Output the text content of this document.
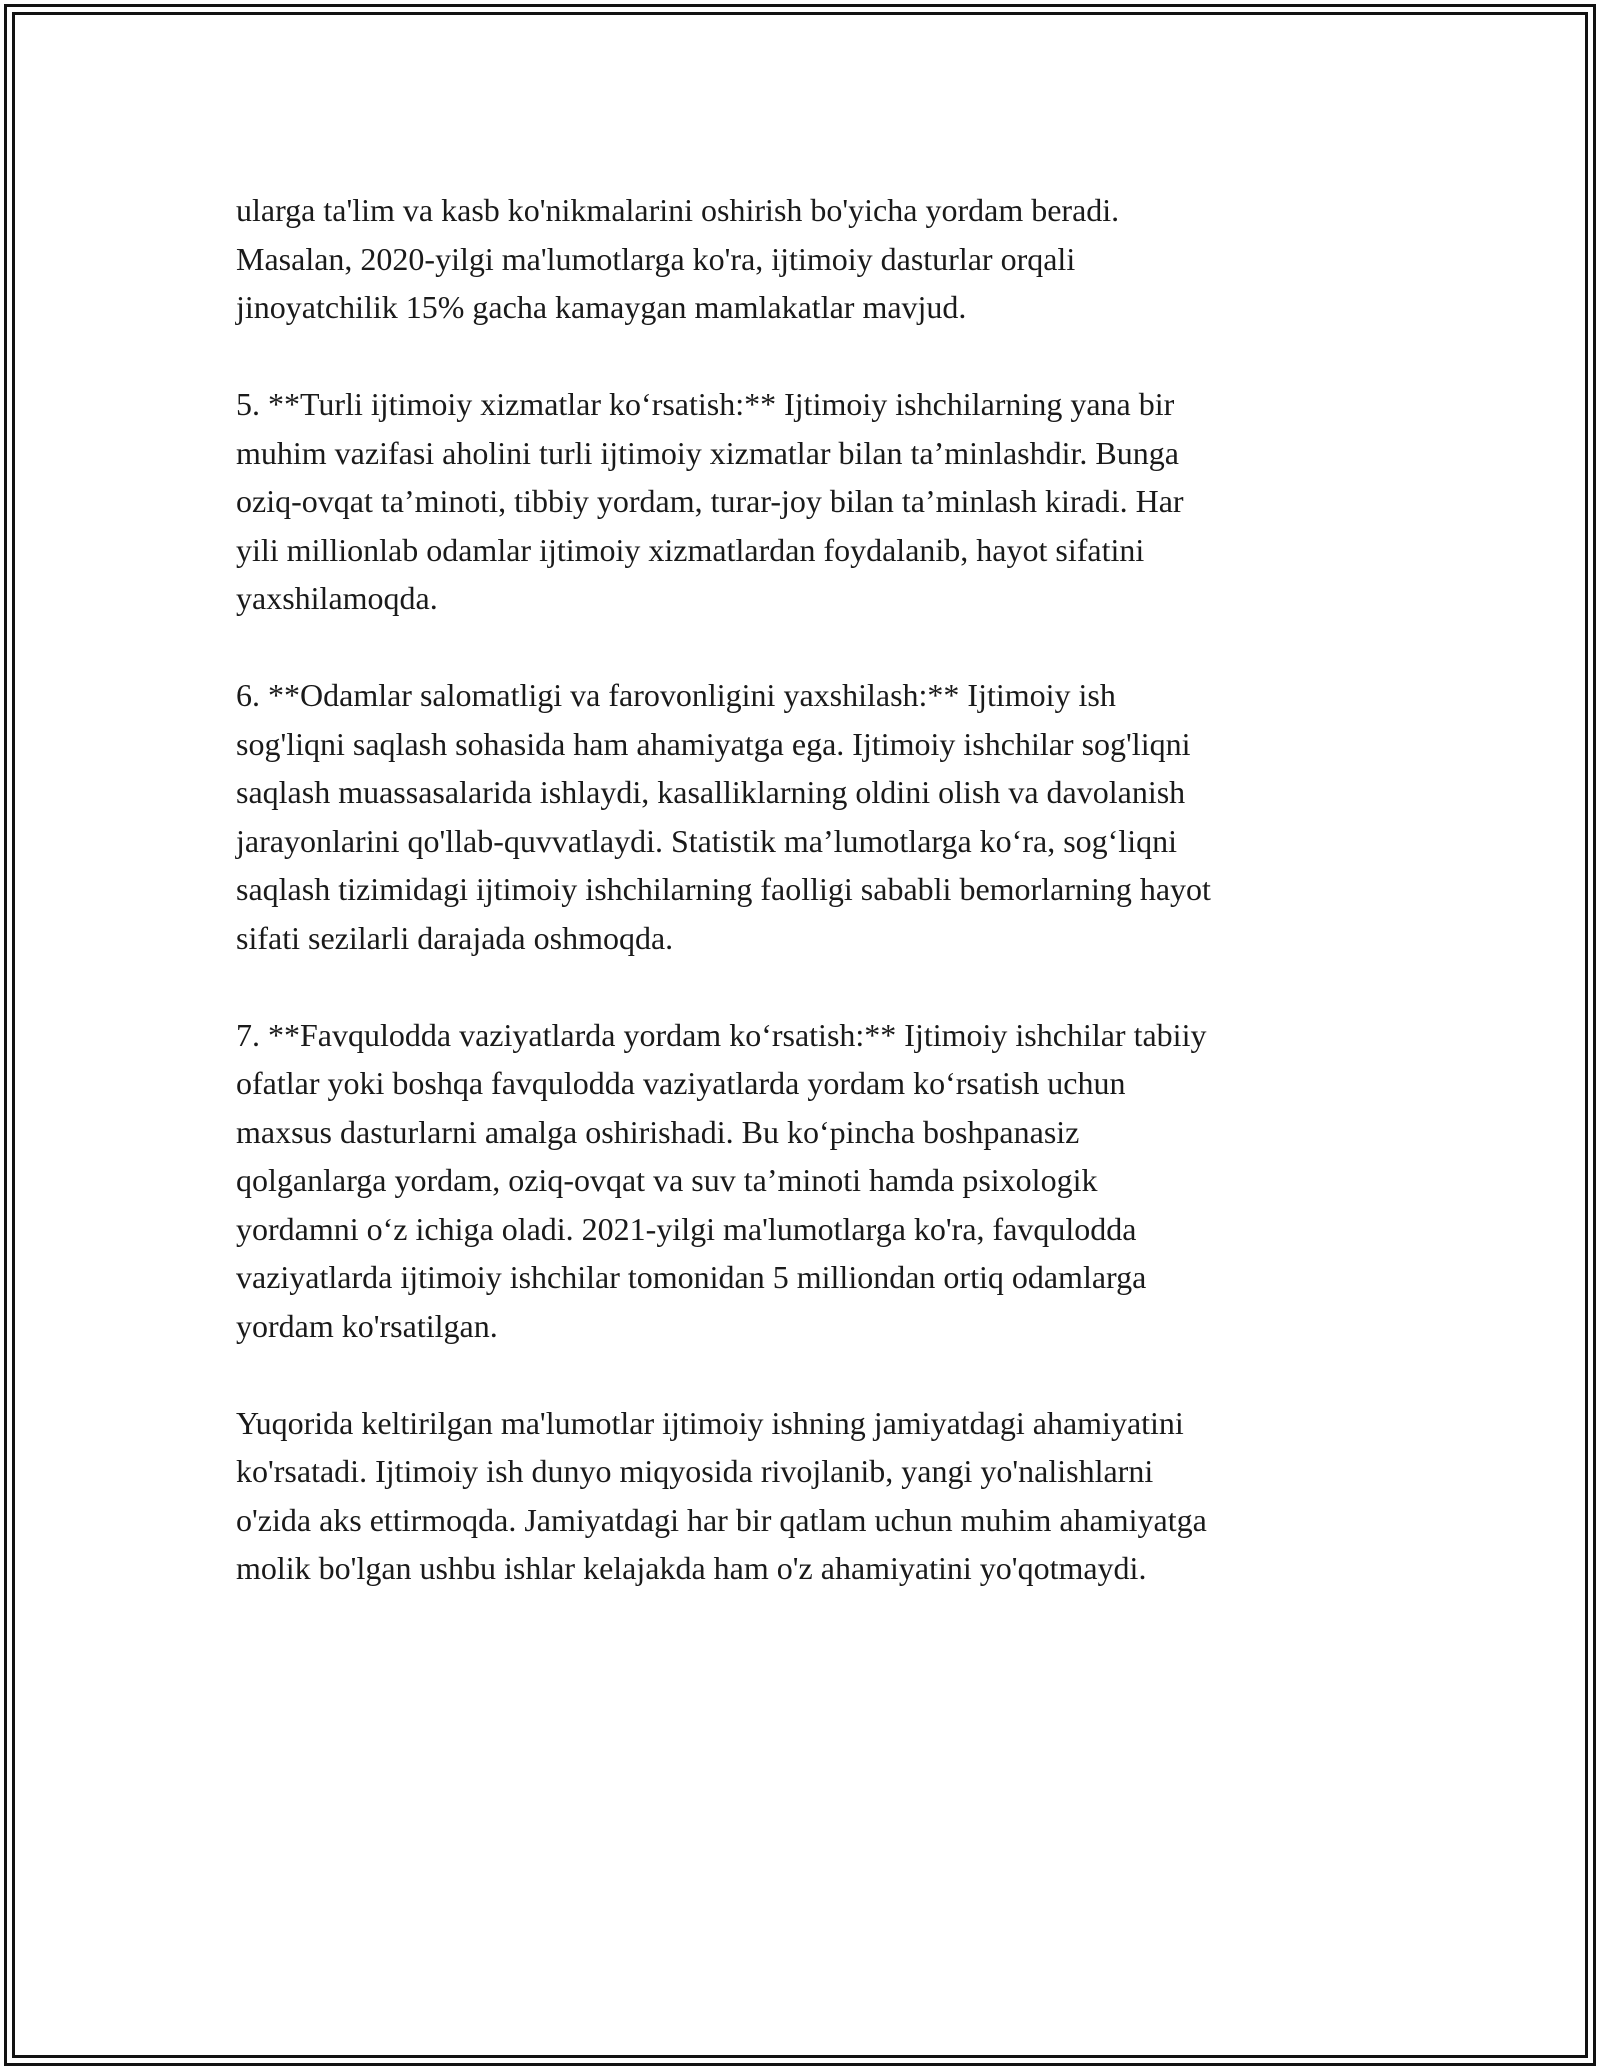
ularga ta'lim va kasb ko'nikmalarini oshirish bo'yicha yordam beradi.
Masalan, 2020-yilgi ma'lumotlarga ko'ra, ijtimoiy dasturlar orqali
jinoyatchilik 15% gacha kamaygan mamlakatlar mavjud.

5. **Turli ijtimoiy xizmatlar ko‘rsatish:** Ijtimoiy ishchilarning yana bir
muhim vazifasi aholini turli ijtimoiy xizmatlar bilan ta’minlashdir. Bunga
oziq-ovqat ta’minoti, tibbiy yordam, turar-joy bilan ta’minlash kiradi. Har
yili millionlab odamlar ijtimoiy xizmatlardan foydalanib, hayot sifatini
yaxshilamoqda.

6. **Odamlar salomatligi va farovonligini yaxshilash:** Ijtimoiy ish
sog'liqni saqlash sohasida ham ahamiyatga ega. Ijtimoiy ishchilar sog'liqni
saqlash muassasalarida ishlaydi, kasalliklarning oldini olish va davolanish
jarayonlarini qo'llab-quvvatlaydi. Statistik ma’lumotlarga ko‘ra, sog‘liqni
saqlash tizimidagi ijtimoiy ishchilarning faolligi sababli bemorlarning hayot
sifati sezilarli darajada oshmoqda.

7. **Favqulodda vaziyatlarda yordam ko‘rsatish:** Ijtimoiy ishchilar tabiiy
ofatlar yoki boshqa favqulodda vaziyatlarda yordam ko‘rsatish uchun
maxsus dasturlarni amalga oshirishadi. Bu ko‘pincha boshpanasiz
qolganlarga yordam, oziq-ovqat va suv ta’minoti hamda psixologik
yordamni o‘z ichiga oladi. 2021-yilgi ma'lumotlarga ko'ra, favqulodda
vaziyatlarda ijtimoiy ishchilar tomonidan 5 milliondan ortiq odamlarga
yordam ko'rsatilgan.

Yuqorida keltirilgan ma'lumotlar ijtimoiy ishning jamiyatdagi ahamiyatini
ko'rsatadi. Ijtimoiy ish dunyo miqyosida rivojlanib, yangi yo'nalishlarni
o'zida aks ettirmoqda. Jamiyatdagi har bir qatlam uchun muhim ahamiyatga
molik bo'lgan ushbu ishlar kelajakda ham o'z ahamiyatini yo'qotmaydi.
